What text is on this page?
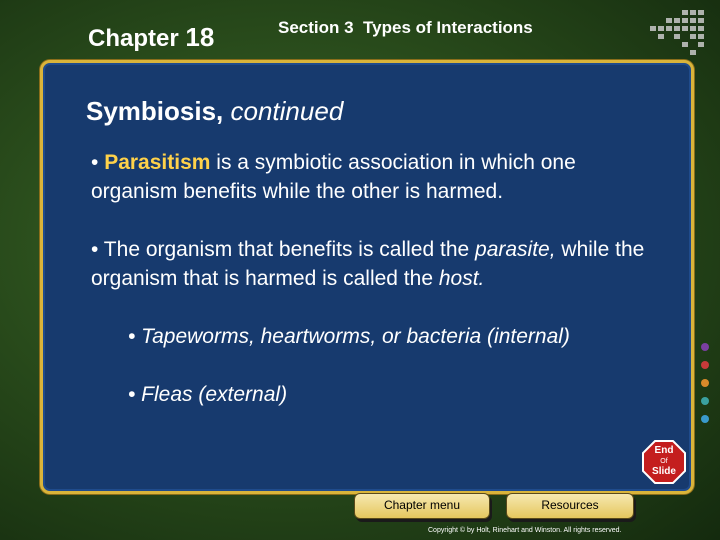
Chapter 18	Section 3 Types of Interactions
Symbiosis, continued
• Parasitism is a symbiotic association in which one organism benefits while the other is harmed.
• The organism that benefits is called the parasite, while the organism that is harmed is called the host.
• Tapeworms, heartworms, or bacteria (internal)
• Fleas (external)
End
Of
Slide
Chapter menu	Resources
Copyright © by Holt, Rinehart and Winston. All rights reserved.
